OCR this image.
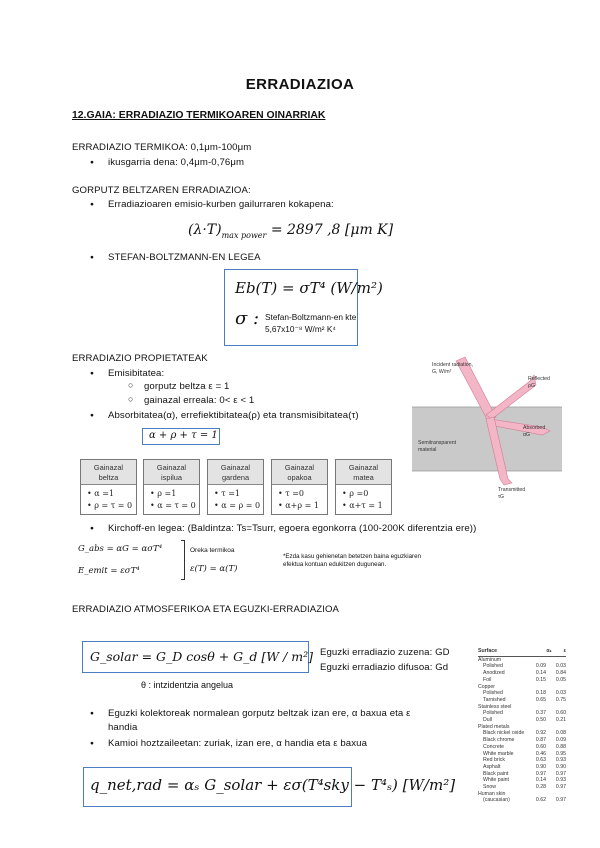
ERRADIAZIOA
12.GAIA: ERRADIAZIO TERMIKOAREN OINARRIAK
ERRADIAZIO TERMIKOA: 0,1μm-100μm
● ikusgarria dena: 0,4μm-0,76μm
GORPUTZ BELTZAREN ERRADIAZIOA:
● Erradiazioaren emisio-kurben gailurraren kokapena:
$(\lambda\cdot T)_{max power} = 2897$ ,8 [μm K]
● STEFAN-BOLTZMANN-EN LEGEA
Eb(T) = σT⁴ (W/m²)
σ : Stefan-Boltzmann-en kte
5,67x10⁻⁸ W/m² K⁴
ERRADIAZIO PROPIETATEAK
● Emisibitatea:
○ gorputz beltza ε = 1
○ gainazal erreala: 0< ε < 1
● Absorbitatea(α), errefiektibitatea(ρ) eta transmisibitatea(τ)
α + ρ + τ = 1
Gainazal
beltza
• α =1
• ρ = τ = 0
Gainazal
ispilua
• ρ =1
• α = τ = 0
Gainazal
gardena
• τ =1
• α = ρ = 0
Gainazal
opakoa
• τ =0
• α+ρ = 1
Gainazal
matea
• ρ =0
• α+τ = 1
Incident radiation, G, W/m²
Reflected ρG
Absorbed αG
Semitransparent material
Transmitted τG
● Kirchoff-en legea: (Baldintza: Ts=Tsurr, egoera egonkorra (100-200K diferentzia ere))
G_abs = αG = ασT⁴
E_emit = εσT⁴
Oreka termikoa
ε(T) = α(T)
*Ezda kasu gehienetan betetzen baina eguzkiaren efektua kontuan edukitzen dugunean.
ERRADIAZIO ATMOSFERIKOA ETA EGUZKI-ERRADIAZIOA
G_solar = G_D cosθ + G_d [W / m²] Eguzki erradiazio zuzena: GD
Eguzki erradiazio difusoa: Gd
θ : intzidentzia angelua
● Eguzki kolektoreak normalean gorputz beltzak izan ere, α baxua eta ε
handia
● Kamioi hoztzaileetan: zuriak, izan ere, α handia eta ε baxua
q_net,rad = αₛ G_solar + εσ(T⁴sky − T⁴ₛ) [W/m²]
Surface	αₛ ε
Aluminum
Polished	0.09	0.03
Anodized	0.14	0.84
Foil	0.15	0.05
Copper
Polished	0.18	0.03
Tarnished	0.65	0.75
Stainless steel
Polished	0.37	0.60
Dull	0.50	0.21
Plated metals
Black nickel oxide	0.92	0.08
Black chrome	0.87	0.09
Concrete	0.60	0.88
White marble	0.46	0.95
Red brick	0.63	0.93
Asphalt	0.90	0.90
Black paint	0.97	0.97
White paint	0.14	0.93
Snow	0.28	0.97
Human skin
(caucasian)	0.62	0.97
